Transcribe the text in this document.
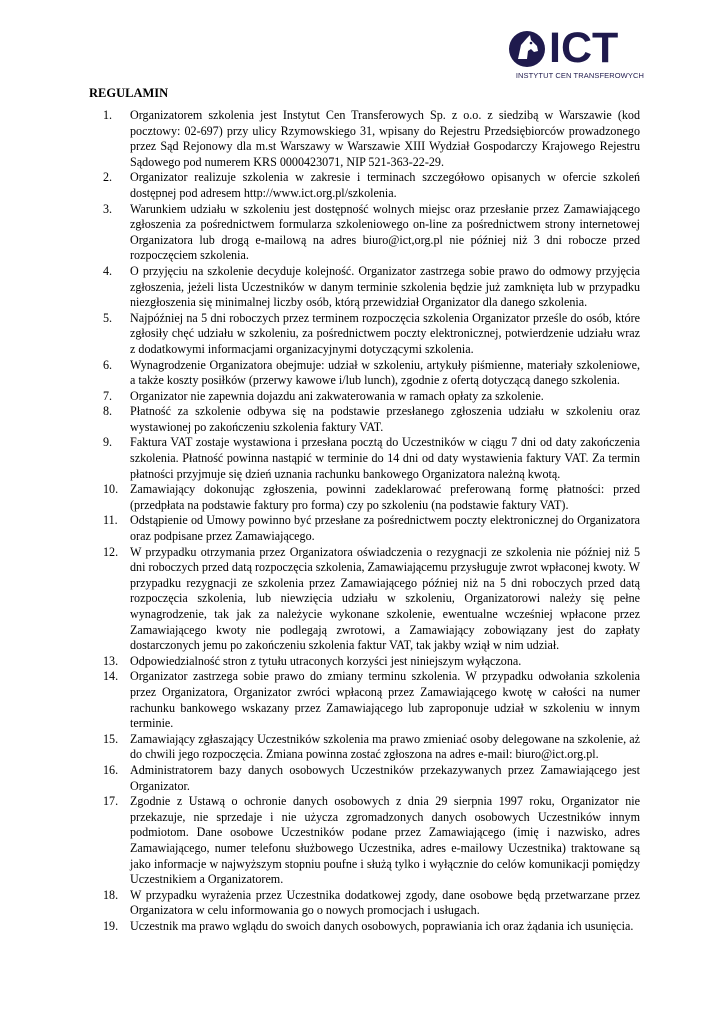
ICT
INSTYTUT CEN TRANSFEROWYCH
REGULAMIN
1.	Organizatorem szkolenia jest Instytut Cen Transferowych Sp. z o.o. z siedzibą w Warszawie (kod pocztowy: 02-697) przy ulicy Rzymowskiego 31, wpisany do Rejestru Przedsiębiorców prowadzonego przez Sąd Rejonowy dla m.st Warszawy w Warszawie XIII Wydział Gospodarczy Krajowego Rejestru Sądowego pod numerem KRS 0000423071, NIP 521-363-22-29.
2.	Organizator realizuje szkolenia w zakresie i terminach szczegółowo opisanych w ofercie szkoleń dostępnej pod adresem http://www.ict.org.pl/szkolenia.
3.	Warunkiem udziału w szkoleniu jest dostępność wolnych miejsc oraz przesłanie przez Zamawiającego zgłoszenia za pośrednictwem formularza szkoleniowego on-line za pośrednictwem strony internetowej Organizatora lub drogą e-mailową na adres biuro@ict,org.pl nie później niż 3 dni robocze przed rozpoczęciem szkolenia.
4.	O przyjęciu na szkolenie decyduje kolejność. Organizator zastrzega sobie prawo do odmowy przyjęcia zgłoszenia, jeżeli lista Uczestników w danym terminie szkolenia będzie już zamknięta lub w przypadku niezgłoszenia się minimalnej liczby osób, którą przewidział Organizator dla danego szkolenia.
5.	Najpóźniej na 5 dni roboczych przez terminem rozpoczęcia szkolenia Organizator prześle do osób, które zgłosiły chęć udziału w szkoleniu, za pośrednictwem poczty elektronicznej, potwierdzenie udziału wraz z dodatkowymi informacjami organizacyjnymi dotyczącymi szkolenia.
6.	Wynagrodzenie Organizatora obejmuje: udział w szkoleniu, artykuły piśmienne, materiały szkoleniowe, a także koszty posiłków (przerwy kawowe i/lub lunch), zgodnie z ofertą dotyczącą danego szkolenia.
7.	Organizator nie zapewnia dojazdu ani zakwaterowania w ramach opłaty za szkolenie.
8.	Płatność za szkolenie odbywa się na podstawie przesłanego zgłoszenia udziału w szkoleniu oraz wystawionej po zakończeniu szkolenia faktury VAT.
9.	Faktura VAT zostaje wystawiona i przesłana pocztą do Uczestników w ciągu 7 dni od daty zakończenia szkolenia. Płatność powinna nastąpić w terminie do 14 dni od daty wystawienia faktury VAT. Za termin płatności przyjmuje się dzień uznania rachunku bankowego Organizatora należną kwotą.
10. Zamawiający dokonując zgłoszenia, powinni zadeklarować preferowaną formę płatności: przed (przedpłata na podstawie faktury pro forma) czy po szkoleniu (na podstawie faktury VAT).
11.	Odstąpienie od Umowy powinno być przesłane za pośrednictwem poczty elektronicznej do Organizatora oraz podpisane przez Zamawiającego.
12. W przypadku otrzymania przez Organizatora oświadczenia o rezygnacji ze szkolenia nie później niż 5 dni roboczych przed datą rozpoczęcia szkolenia, Zamawiającemu przysługuje zwrot wpłaconej kwoty. W przypadku rezygnacji ze szkolenia przez Zamawiającego później niż na 5 dni roboczych przed datą rozpoczęcia szkolenia, lub niewzięcia udziału w szkoleniu, Organizatorowi należy się pełne wynagrodzenie, tak jak za należycie wykonane szkolenie, ewentualne wcześniej wpłacone przez Zamawiającego kwoty nie podlegają zwrotowi, a Zamawiający zobowiązany jest do zapłaty dostarczonych jemu po zakończeniu szkolenia faktur VAT, tak jakby wziął w nim udział.
13. Odpowiedzialność stron z tytułu utraconych korzyści jest niniejszym wyłączona.
14. Organizator zastrzega sobie prawo do zmiany terminu szkolenia. W przypadku odwołania szkolenia przez Organizatora, Organizator zwróci wpłaconą przez Zamawiającego kwotę w całości na numer rachunku bankowego wskazany przez Zamawiającego lub zaproponuje udział w szkoleniu w innym terminie.
15. Zamawiający zgłaszający Uczestników szkolenia ma prawo zmieniać osoby delegowane na szkolenie, aż do chwili jego rozpoczęcia. Zmiana powinna zostać zgłoszona na adres e-mail: biuro@ict.org.pl.
16. Administratorem bazy danych osobowych Uczestników przekazywanych przez Zamawiającego jest Organizator.
17. Zgodnie z Ustawą o ochronie danych osobowych z dnia 29 sierpnia 1997 roku, Organizator nie przekazuje, nie sprzedaje i nie użycza zgromadzonych danych osobowych Uczestników innym podmiotom. Dane osobowe Uczestników podane przez Zamawiającego (imię i nazwisko, adres Zamawiającego, numer telefonu służbowego Uczestnika, adres e-mailowy Uczestnika) traktowane są jako informacje w najwyższym stopniu poufne i służą tylko i wyłącznie do celów komunikacji pomiędzy Uczestnikiem a Organizatorem.
18. W przypadku wyrażenia przez Uczestnika dodatkowej zgody, dane osobowe będą przetwarzane przez Organizatora w celu informowania go o nowych promocjach i usługach.
19. Uczestnik ma prawo wglądu do swoich danych osobowych, poprawiania ich oraz żądania ich usunięcia.
